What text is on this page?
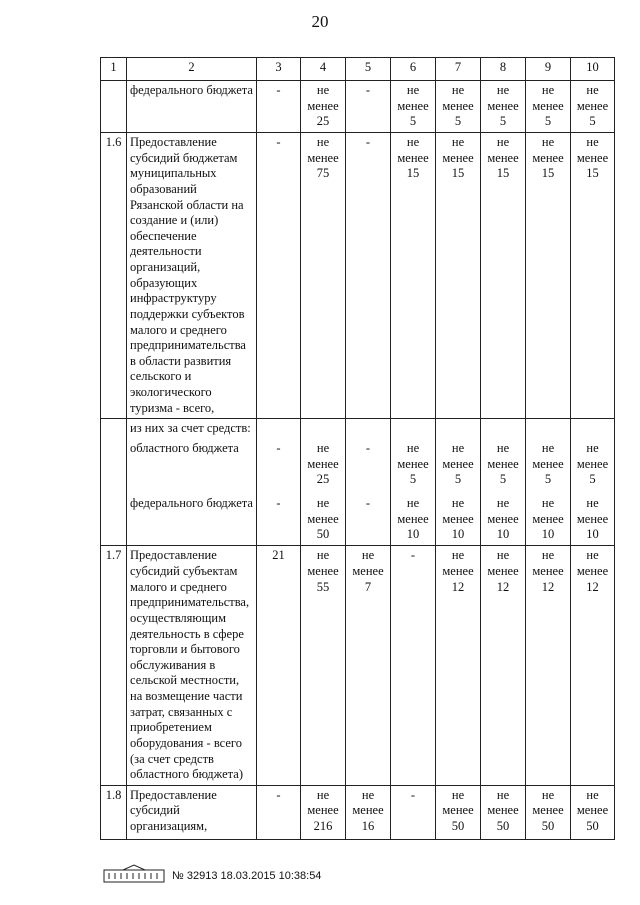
20
1	2	3	4	5	6	7	8	9	10
	федерального бюджета	-	не менее 25	-	не менее 5	не менее 5	не менее 5	не менее 5	не менее 5
1.6	Предоставление субсидий бюджетам муниципальных образований Рязанской области на создание и (или) обеспечение деятельности организаций, образующих инфраструктуру поддержки субъектов малого и среднего предпринимательства в области развития сельского и экологического туризма - всего,	-	не менее 75	-	не менее 15	не менее 15	не менее 15	не менее 15	не менее 15
	из них за счет средств:								
	областного бюджета	-	не менее 25	-	не менее 5	не менее 5	не менее 5	не менее 5	не менее 5
	федерального бюджета	-	не менее 50	-	не менее 10	не менее 10	не менее 10	не менее 10	не менее 10
1.7	Предоставление субсидий субъектам малого и среднего предпринимательства, осуществляющим деятельность в сфере торговли и бытового обслуживания в сельской местности, на возмещение части затрат, связанных с приобретением оборудования - всего (за счет средств областного бюджета)	21	не менее 55	не менее 7	-	не менее 12	не менее 12	не менее 12	не менее 12
1.8	Предоставление субсидий организациям,	-	не менее 216	не менее 16	-	не менее 50	не менее 50	не менее 50	не менее 50
№ 32913 18.03.2015 10:38:54
